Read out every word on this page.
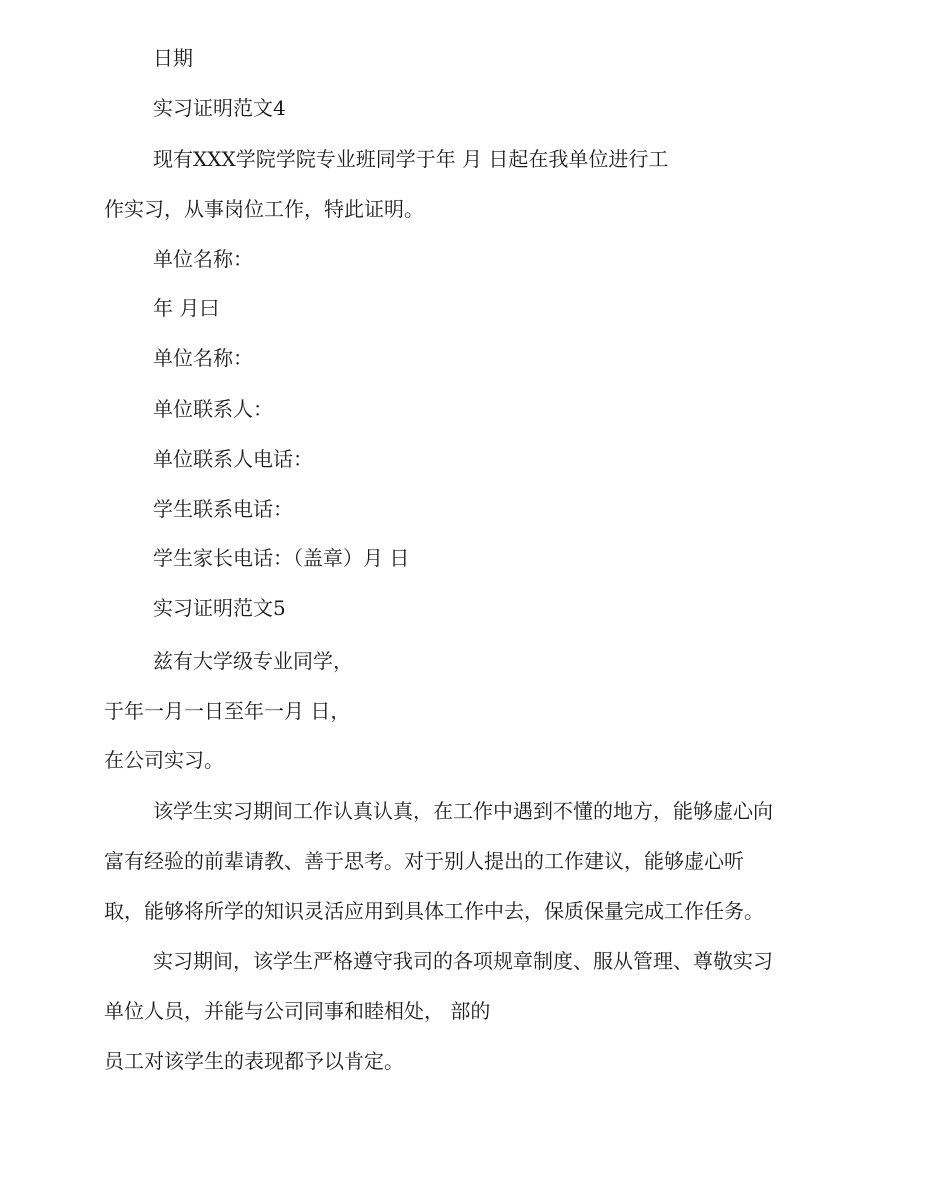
日期
实习证明范文4
现有XXX学院学院专业班同学于年 月 日起在我单位进行工
作实习，从事岗位工作，特此证明。
单位名称：
年 月曰
单位名称：
单位联系人：
单位联系人电话：
学生联系电话：
学生家长电话：（盖章）月 日
实习证明范文5
兹有大学级专业同学，
于年一月一日至年一月 日，
在公司实习。
该学生实习期间工作认真认真，在工作中遇到不懂的地方，能够虚心向
富有经验的前辈请教、善于思考。对于别人提出的工作建议，能够虚心听
取，能够将所学的知识灵活应用到具体工作中去，保质保量完成工作任务。
实习期间，该学生严格遵守我司的各项规章制度、服从管理、尊敬实习
单位人员，并能与公司同事和睦相处， 部的
员工对该学生的表现都予以肯定。
